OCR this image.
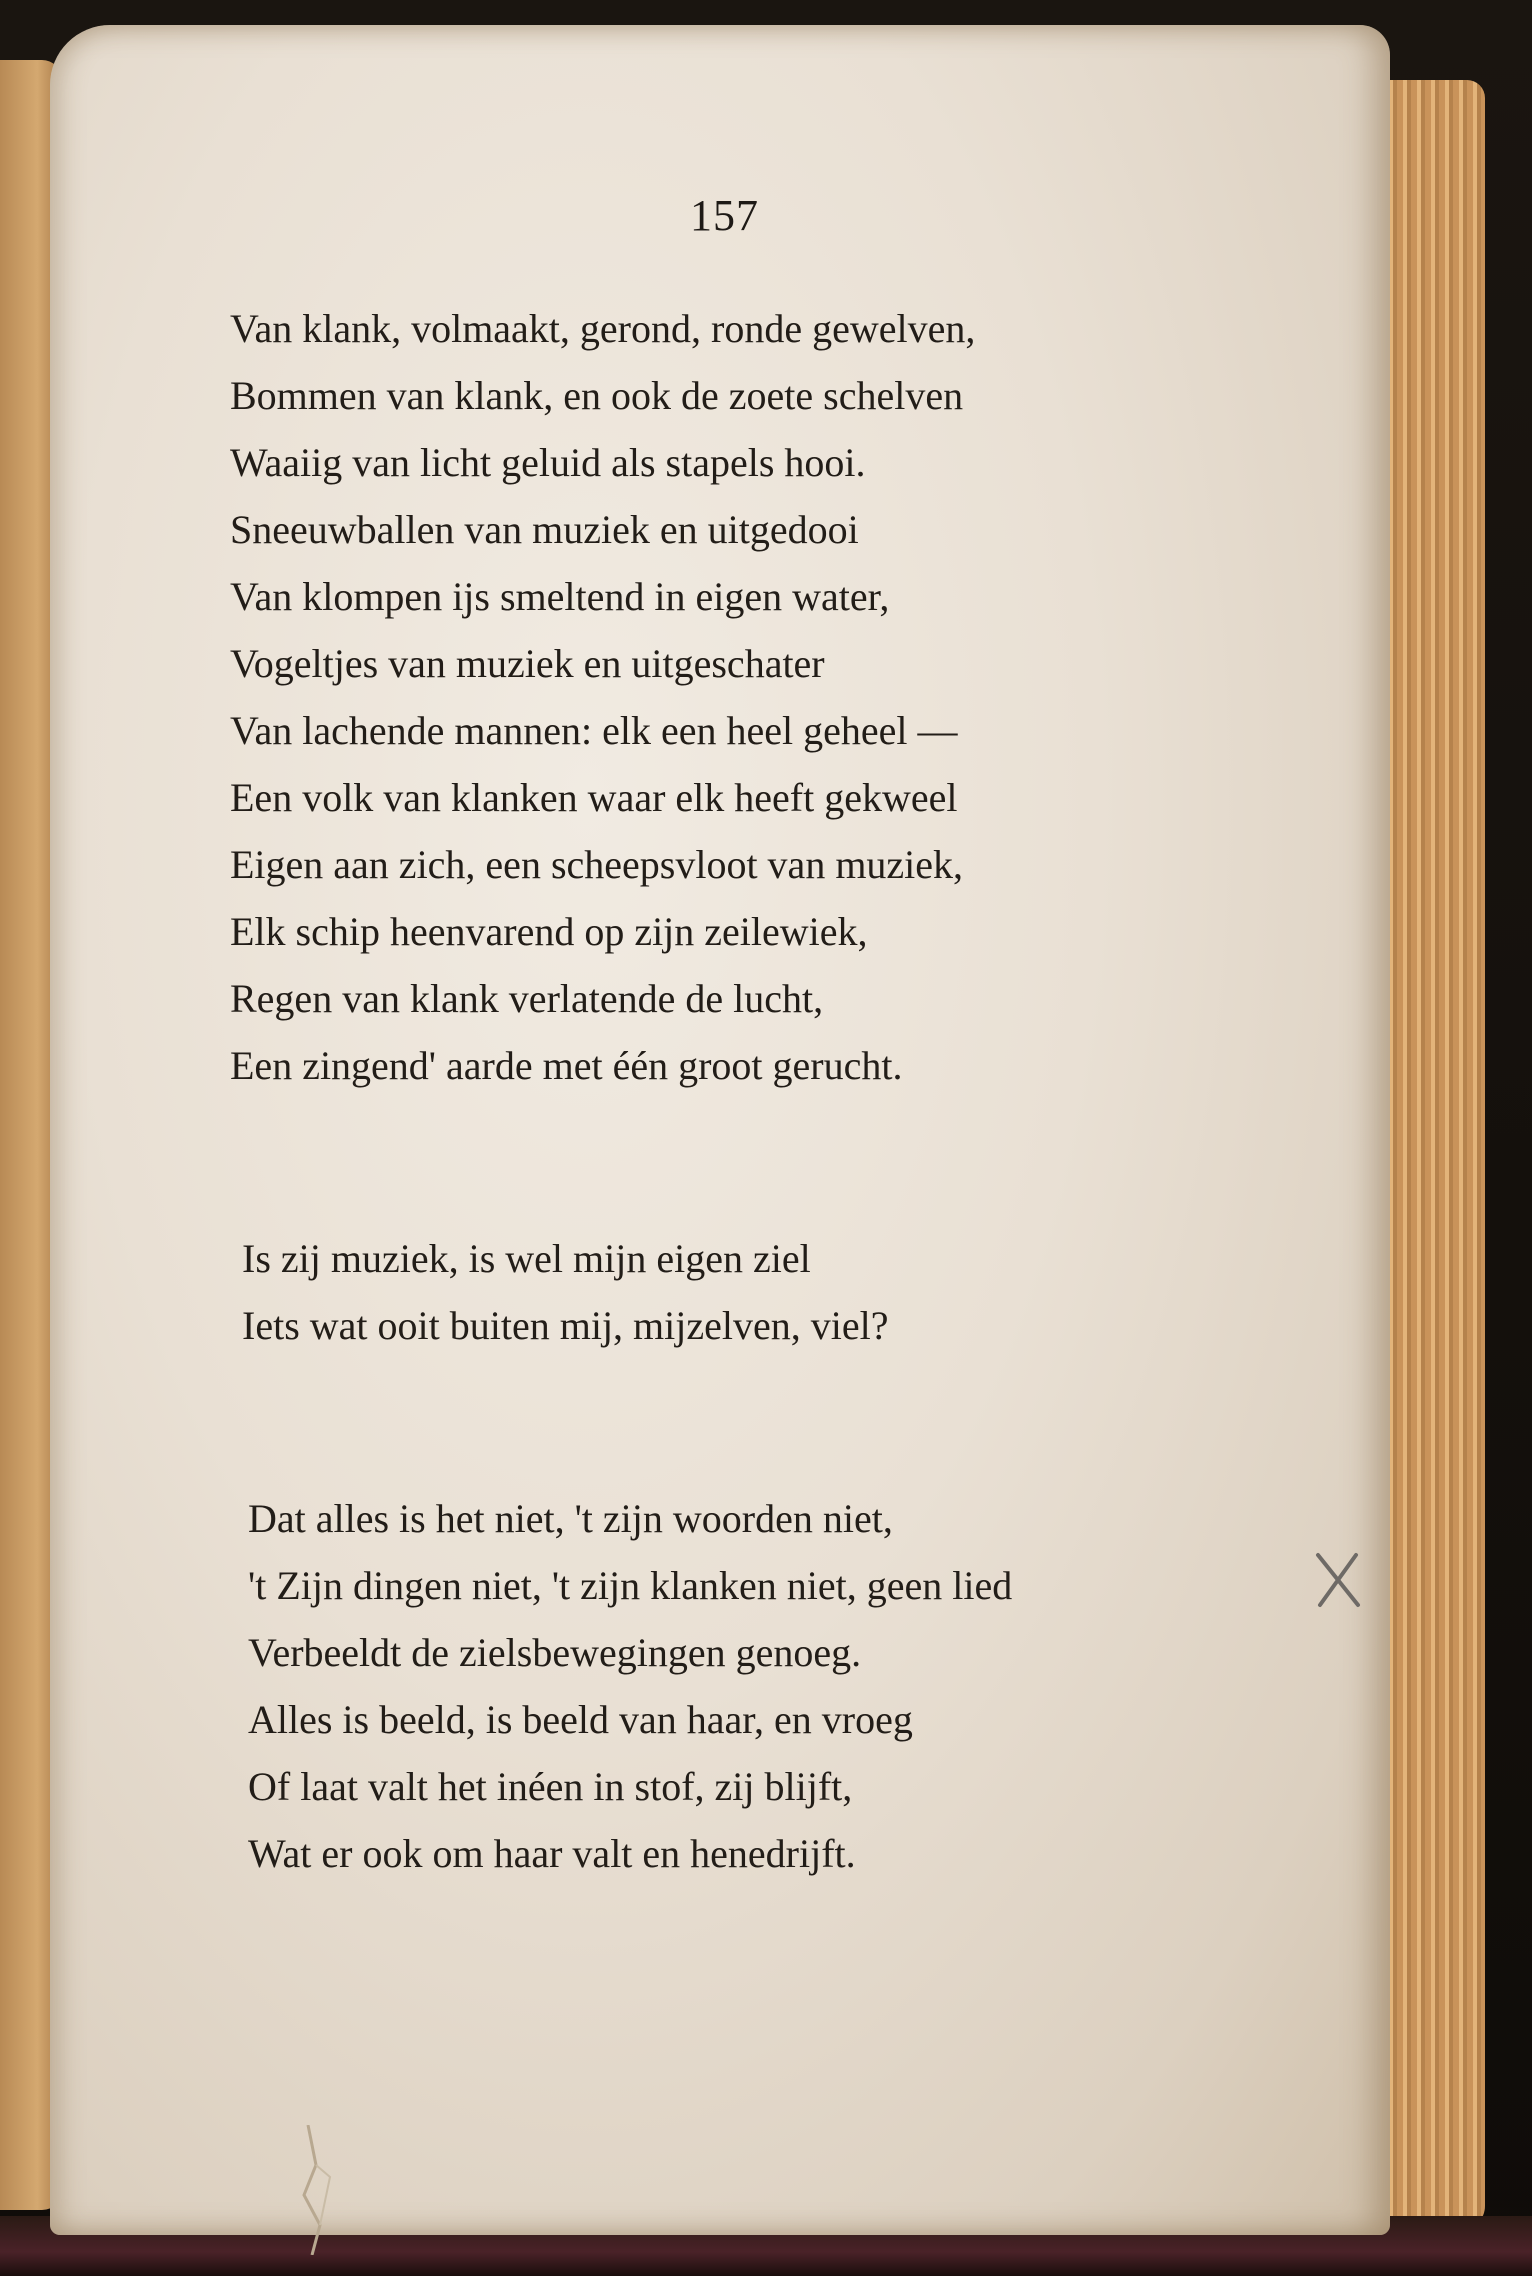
157
Van klank, volmaakt, gerond, ronde gewelven,
Bommen van klank, en ook de zoete schelven
Waaiig van licht geluid als stapels hooi.
Sneeuwballen van muziek en uitgedooi
Van klompen ijs smeltend in eigen water,
Vogeltjes van muziek en uitgeschater
Van lachende mannen: elk een heel geheel —
Een volk van klanken waar elk heeft gekweel
Eigen aan zich, een scheepsvloot van muziek,
Elk schip heenvarend op zijn zeilewiek,
Regen van klank verlatende de lucht,
Een zingend' aarde met één groot gerucht.
Is zij muziek, is wel mijn eigen ziel
Iets wat ooit buiten mij, mijzelven, viel?
Dat alles is het niet, 't zijn woorden niet,
't Zijn dingen niet, 't zijn klanken niet, geen lied
Verbeeldt de zielsbewegingen genoeg.
Alles is beeld, is beeld van haar, en vroeg
Of laat valt het inéen in stof, zij blijft,
Wat er ook om haar valt en henedrijft.
